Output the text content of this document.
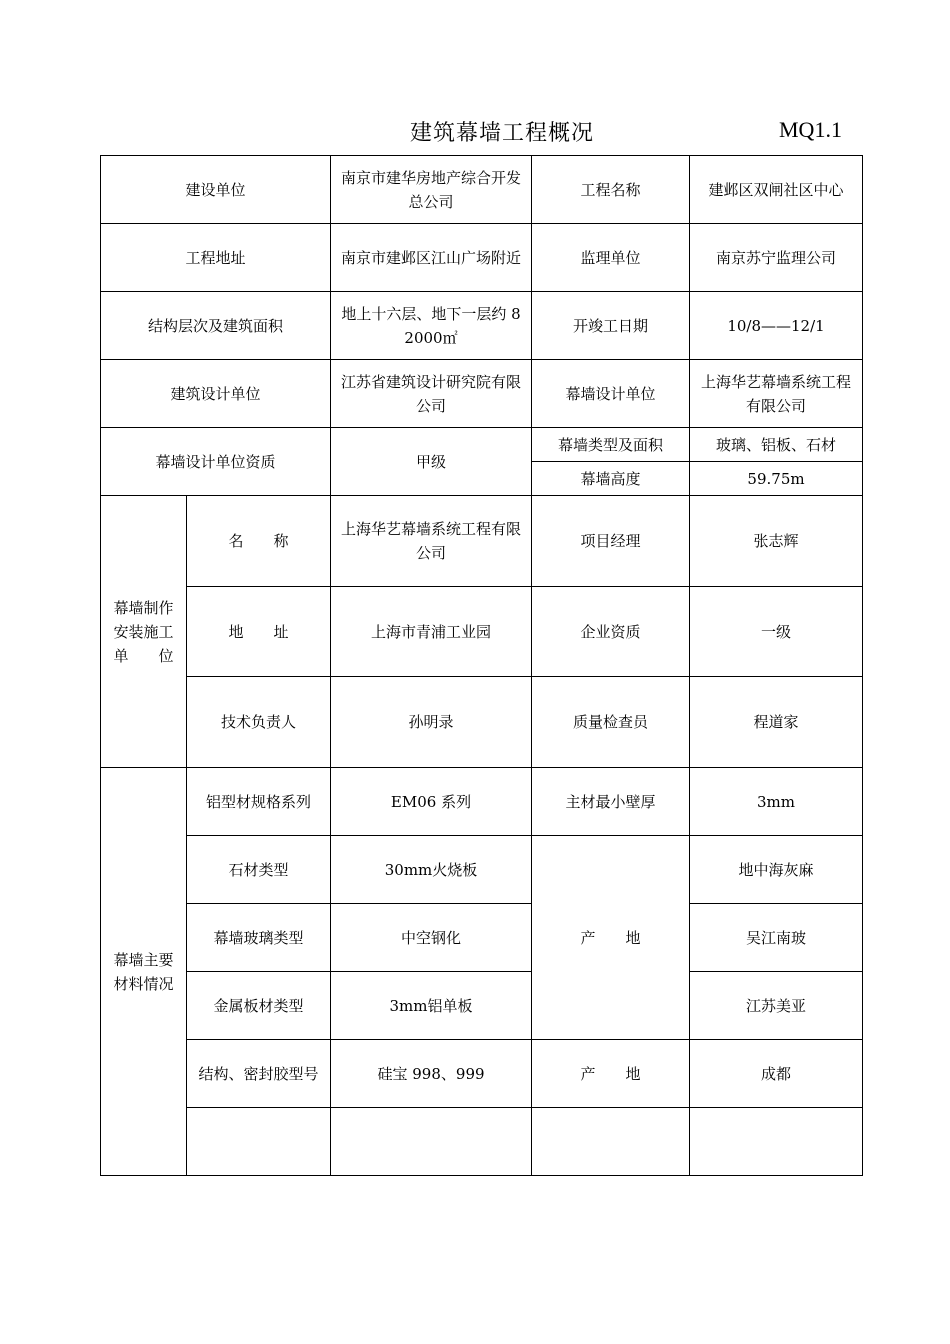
建筑幕墙工程概况	MQ1.1
建设单位		南京市建华房地产综合开发总公司	工程名称	建邺区双闸社区中心
工程地址		南京市建邺区江山广场附近	监理单位	南京苏宁监理公司
结构层次及建筑面积		地上十六层、地下一层约 82000㎡	开竣工日期	10/8——12/1
建筑设计单位		江苏省建筑设计研究院有限公司	幕墙设计单位	上海华艺幕墙系统工程有限公司
幕墙设计单位资质		甲级	幕墙类型及面积	玻璃、铝板、石材
			幕墙高度	59.75m
幕墙制作安装施工单　　位	名　　称	上海华艺幕墙系统工程有限公司	项目经理	张志辉
	地　　址	上海市青浦工业园	企业资质	一级
	技术负责人	孙明录	质量检查员	程道家
幕墙主要材料情况	铝型材规格系列	EM06 系列	主材最小壁厚	3mm
	石材类型	30mm火烧板	产　　地	地中海灰麻
	幕墙玻璃类型	中空钢化		吴江南玻
	金属板材类型	3mm铝单板		江苏美亚
	结构、密封胶型号	硅宝 998、999	产　　地	成都
